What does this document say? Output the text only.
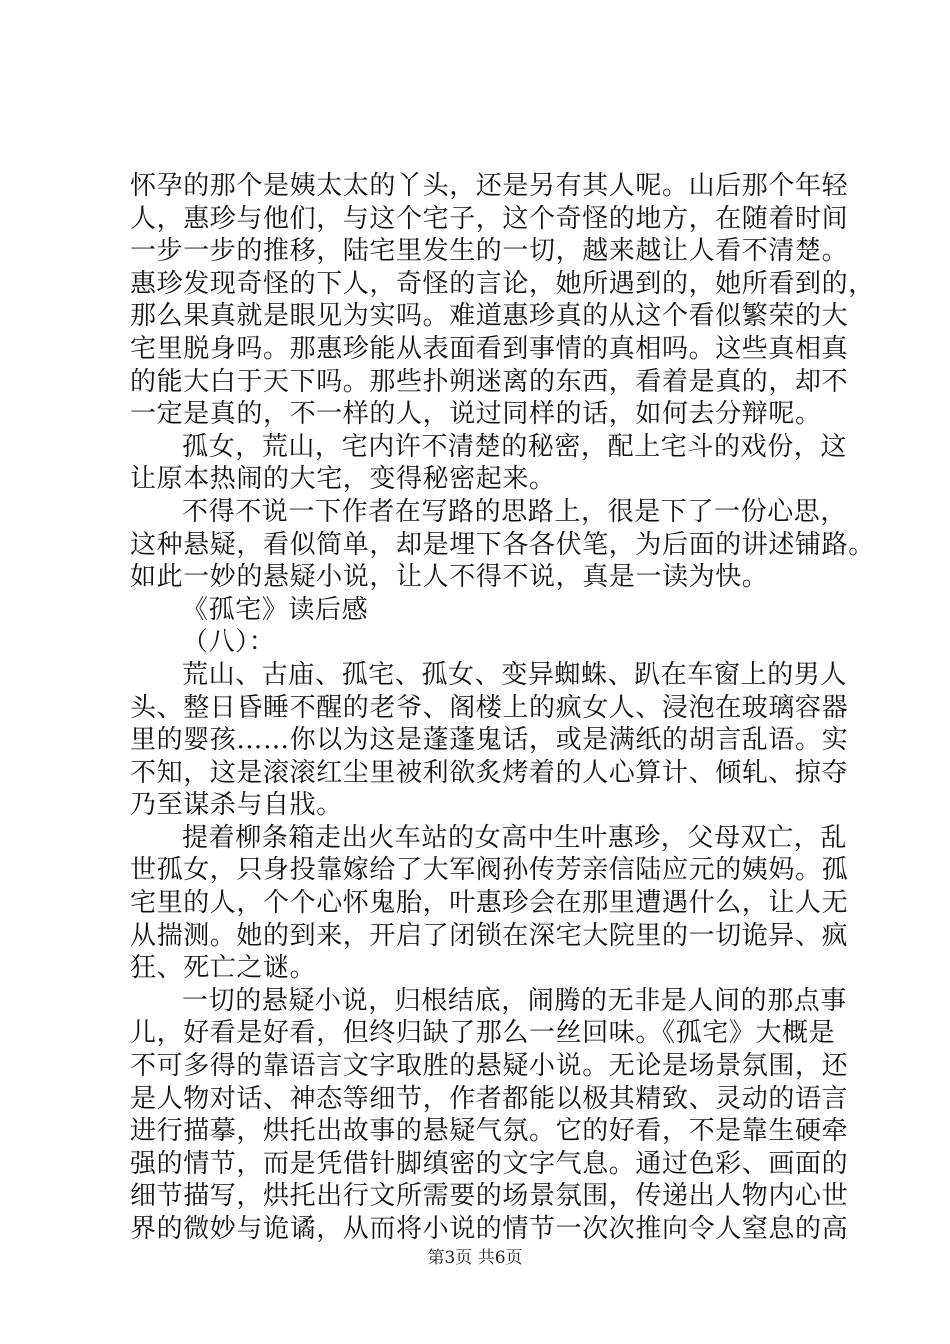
怀孕的那个是姨太太的丫头，还是另有其人呢。山后那个年轻
人，惠珍与他们，与这个宅子，这个奇怪的地方，在随着时间
一步一步的推移，陆宅里发生的一切，越来越让人看不清楚。
惠珍发现奇怪的下人，奇怪的言论，她所遇到的，她所看到的，
那么果真就是眼见为实吗。难道惠珍真的从这个看似繁荣的大
宅里脱身吗。那惠珍能从表面看到事情的真相吗。这些真相真
的能大白于天下吗。那些扑朔迷离的东西，看着是真的，却不
一定是真的，不一样的人，说过同样的话，如何去分辩呢。
孤女，荒山，宅内许不清楚的秘密，配上宅斗的戏份，这
让原本热闹的大宅，变得秘密起来。
不得不说一下作者在写路的思路上，很是下了一份心思，
这种悬疑，看似简单，却是埋下各各伏笔，为后面的讲述铺路。
如此一妙的悬疑小说，让人不得不说，真是一读为快。
《孤宅》读后感
（八）：
荒山、古庙、孤宅、孤女、变异蜘蛛、趴在车窗上的男人
头、整日昏睡不醒的老爷、阁楼上的疯女人、浸泡在玻璃容器
里的婴孩……你以为这是蓬蓬鬼话，或是满纸的胡言乱语。实
不知，这是滚滚红尘里被利欲炙烤着的人心算计、倾轧、掠夺
乃至谋杀与自戕。
提着柳条箱走出火车站的女高中生叶惠珍，父母双亡，乱
世孤女，只身投靠嫁给了大军阀孙传芳亲信陆应元的姨妈。孤
宅里的人，个个心怀鬼胎，叶惠珍会在那里遭遇什么，让人无
从揣测。她的到来，开启了闭锁在深宅大院里的一切诡异、疯
狂、死亡之谜。
一切的悬疑小说，归根结底，闹腾的无非是人间的那点事
儿，好看是好看，但终归缺了那么一丝回味。《孤宅》大概是
不可多得的靠语言文字取胜的悬疑小说。无论是场景氛围，还
是人物对话、神态等细节，作者都能以极其精致、灵动的语言
进行描摹，烘托出故事的悬疑气氛。它的好看，不是靠生硬牵
强的情节，而是凭借针脚缜密的文字气息。通过色彩、画面的
细节描写，烘托出行文所需要的场景氛围，传递出人物内心世
界的微妙与诡谲，从而将小说的情节一次次推向令人窒息的高
第3页 共6页
